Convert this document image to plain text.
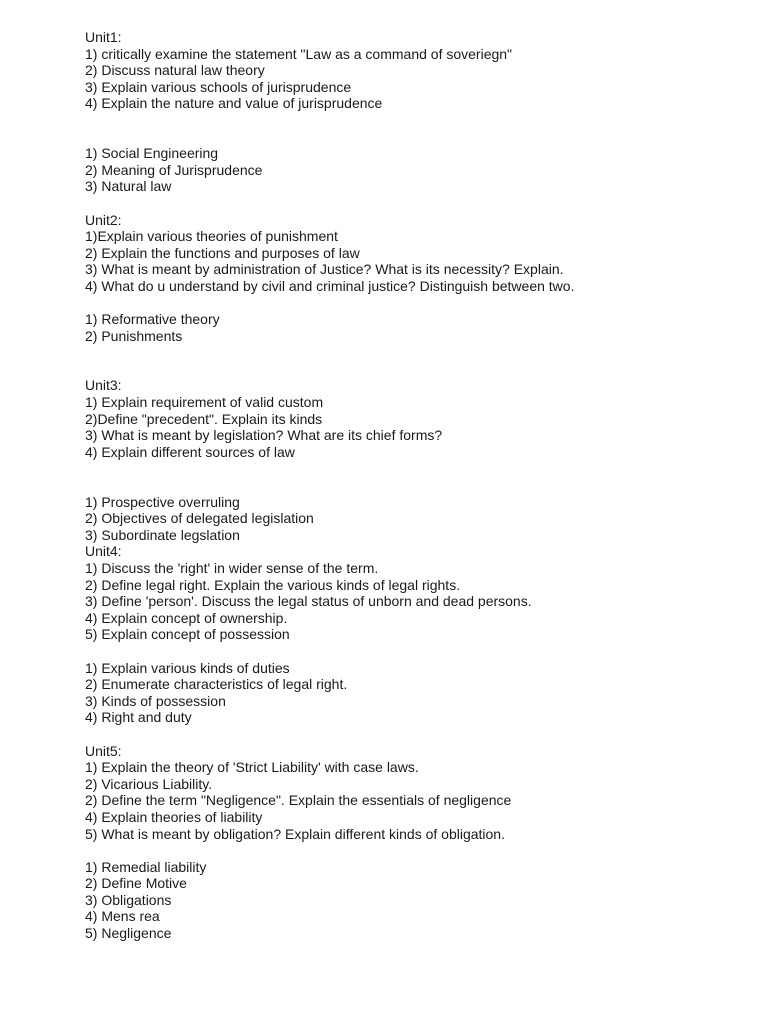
Unit1:

1) critically examine the statement "Law as a command of soveriegn"

2) Discuss natural law theory

3) Explain various schools of jurisprudence

4) Explain the nature and value of jurisprudence

1) Social Engineering

2) Meaning of Jurisprudence

3) Natural law

Unit2:

1)Explain various theories of punishment

2) Explain the functions and purposes of law

3) What is meant by administration of Justice? What is its necessity? Explain.

4) What do u understand by civil and criminal justice? Distinguish between two.

1) Reformative theory

2) Punishments

Unit3:

1) Explain requirement of valid custom

2)Define "precedent". Explain its kinds

3) What is meant by legislation? What are its chief forms?

4) Explain different sources of law

1) Prospective overruling

2) Objectives of delegated legislation

3) Subordinate legslation

Unit4:

1) Discuss the 'right' in wider sense of the term.

2) Define legal right. Explain the various kinds of legal rights.

3) Define 'person'. Discuss the legal status of unborn and dead persons.

4) Explain concept of ownership.

5) Explain concept of possession

1) Explain various kinds of duties

2) Enumerate characteristics of legal right.

3) Kinds of possession

4) Right and duty

Unit5:

1) Explain the theory of 'Strict Liability' with case laws.

2) Vicarious Liability.

2) Define the term "Negligence". Explain the essentials of negligence

4) Explain theories of liability

5) What is meant by obligation? Explain different kinds of obligation.

1) Remedial liability

2) Define Motive

3) Obligations

4) Mens rea

5) Negligence
